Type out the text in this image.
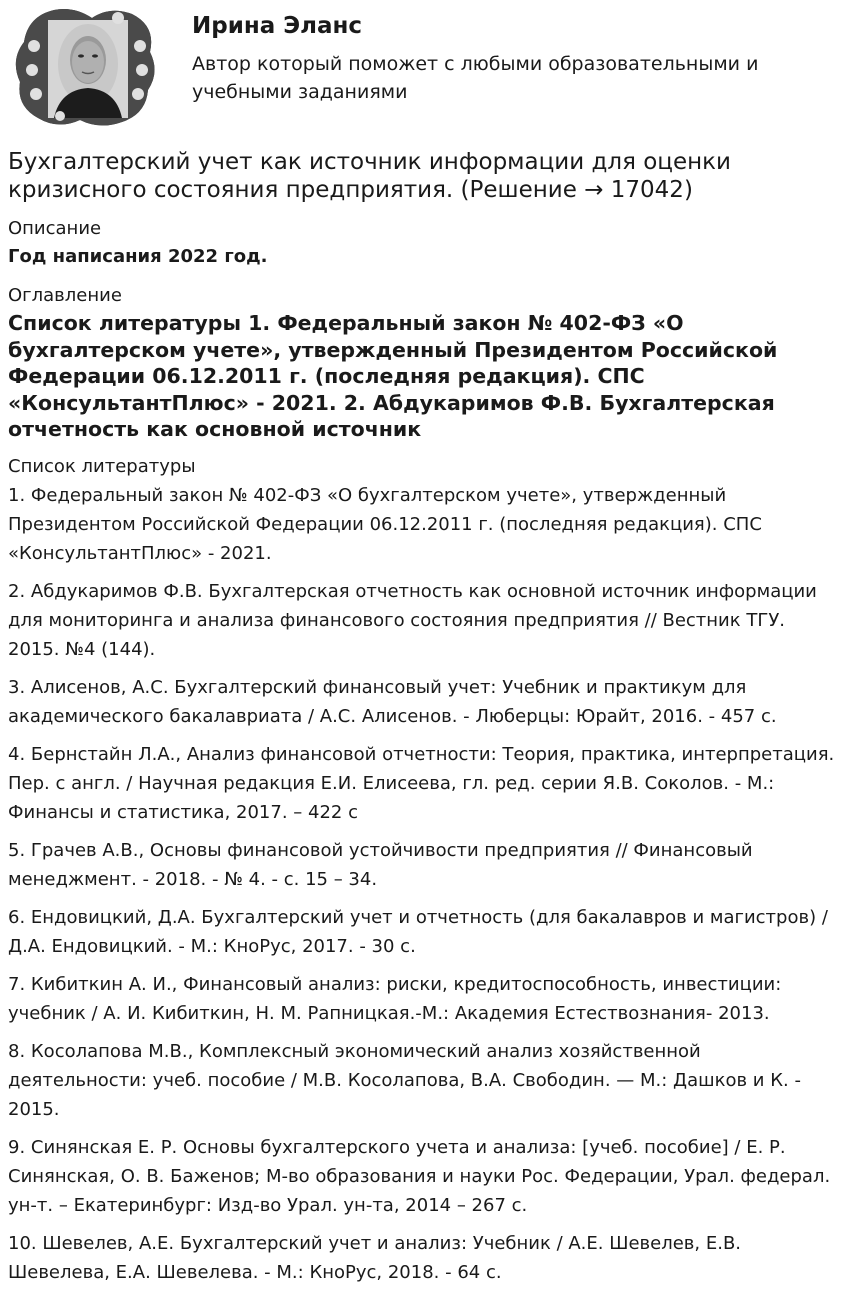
Ирина Эланс
Автор который поможет с любыми образовательными и учебными заданиями
Бухгалтерский учет как источник информации для оценки кризисного состояния предприятия. (Решение → 17042)
Описание
Год написания 2022 год.
Оглавление
Список литературы 1. Федеральный закон № 402-ФЗ «О бухгалтерском учете», утвержденный Президентом Российской Федерации 06.12.2011 г. (последняя редакция). СПС «КонсультантПлюс» - 2021. 2. Абдукаримов Ф.В. Бухгалтерская отчетность как основной источник
Список литературы
1. Федеральный закон № 402-ФЗ «О бухгалтерском учете», утвержденный Президентом Российской Федерации 06.12.2011 г. (последняя редакция). СПС «КонсультантПлюс» - 2021.
2. Абдукаримов Ф.В. Бухгалтерская отчетность как основной источник информации для мониторинга и анализа финансового состояния предприятия // Вестник ТГУ. 2015. №4 (144).
3. Алисенов, А.С. Бухгалтерский финансовый учет: Учебник и практикум для академического бакалавриата / А.С. Алисенов. - Люберцы: Юрайт, 2016. - 457 c.
4. Бернстайн Л.А., Анализ финансовой отчетности: Теория, практика, интерпретация. Пер. с англ. / Научная редакция Е.И. Елисеева, гл. ред. серии Я.В. Соколов. - М.: Финансы и статистика, 2017. – 422 с
5. Грачев А.В., Основы финансовой устойчивости предприятия // Финансовый менеджмент. - 2018. - № 4. - с. 15 – 34.
6. Ендовицкий, Д.А. Бухгалтерский учет и отчетность (для бакалавров и магистров) / Д.А. Ендовицкий. - М.: КноРус, 2017. - 30 c.
7. Кибиткин А. И., Финансовый анализ: риски, кредитоспособность, инвестиции: учебник / А. И. Кибиткин, Н. М. Рапницкая.-М.: Академия Естествознания- 2013.
8. Косолапова М.В., Комплексный экономический анализ хозяйственной деятельности: учеб. пособие / М.В. Косолапова, В.А. Свободин. — М.: Дашков и К. - 2015.
9. Синянская Е. Р. Основы бухгалтерского учета и анализа: [учеб. пособие] / Е. Р. Синянская, О. В. Баженов; М-во образования и науки Рос. Федерации, Урал. федерал. ун-т. – Екатеринбург: Изд-во Урал. ун-та, 2014 – 267 с.
10. Шевелев, А.Е. Бухгалтерский учет и анализ: Учебник / А.Е. Шевелев, Е.В. Шевелева, Е.А. Шевелева. - М.: КноРус, 2018. - 64 c.
